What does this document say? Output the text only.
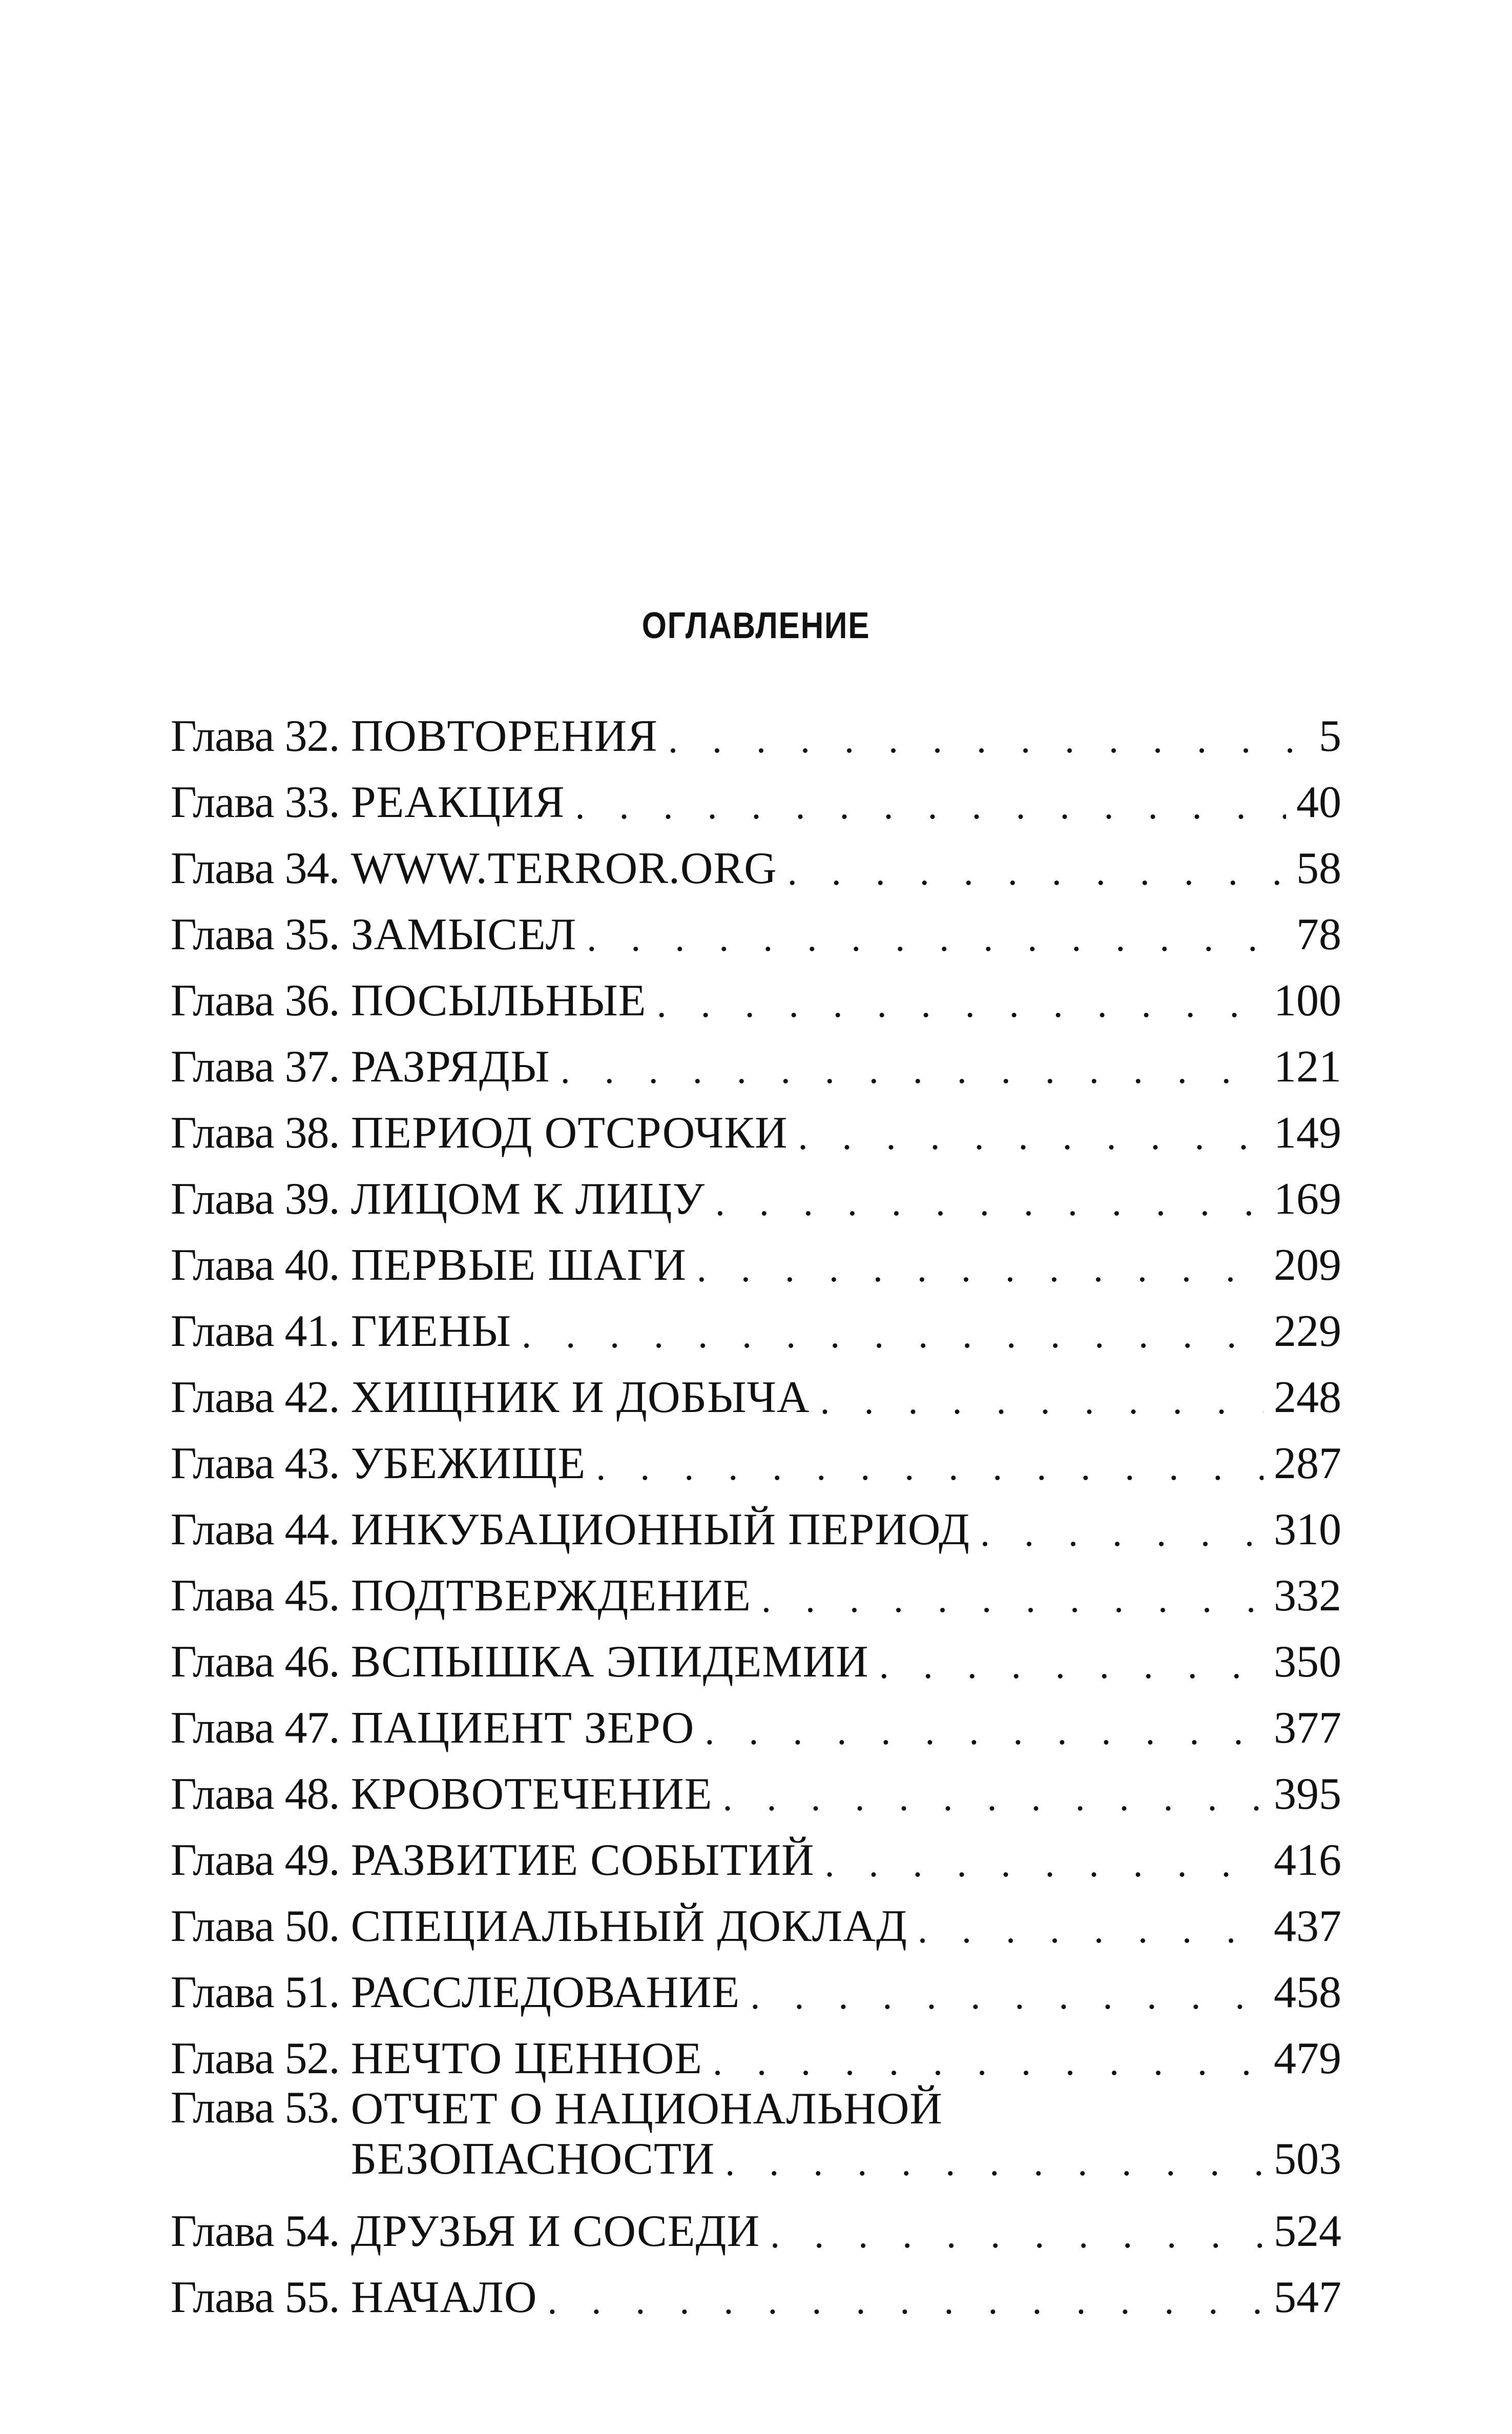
ОГЛАВЛЕНИЕ
Глава 32. ПОВТОРЕНИЯ . . .	5
Глава 33. РЕАКЦИЯ . . .	40
Глава 34. WWW.TERROR.ORG . . .	58
Глава 35. ЗАМЫСЕЛ . . .	78
Глава 36. ПОСЫЛЬНЫЕ . . .	100
Глава 37. РАЗРЯДЫ . . .	121
Глава 38. ПЕРИОД ОТСРОЧКИ . . .	149
Глава 39. ЛИЦОМ К ЛИЦУ . . .	169
Глава 40. ПЕРВЫЕ ШАГИ . . .	209
Глава 41. ГИЕНЫ . . .	229
Глава 42. ХИЩНИК И ДОБЫЧА . . .	248
Глава 43. УБЕЖИЩЕ . . .	287
Глава 44. ИНКУБАЦИОННЫЙ ПЕРИОД . . .	310
Глава 45. ПОДТВЕРЖДЕНИЕ . . .	332
Глава 46. ВСПЫШКА ЭПИДЕМИИ . . .	350
Глава 47. ПАЦИЕНТ ЗЕРО . . .	377
Глава 48. КРОВОТЕЧЕНИЕ . . .	395
Глава 49. РАЗВИТИЕ СОБЫТИЙ . . .	416
Глава 50. СПЕЦИАЛЬНЫЙ ДОКЛАД . . .	437
Глава 51. РАССЛЕДОВАНИЕ . . .	458
Глава 52. НЕЧТО ЦЕННОЕ . . .	479
Глава 53. ОТЧЕТ О НАЦИОНАЛЬНОЙ
БЕЗОПАСНОСТИ . . .	503
Глава 54. ДРУЗЬЯ И СОСЕДИ . . .	524
Глава 55. НАЧАЛО . . .	547
